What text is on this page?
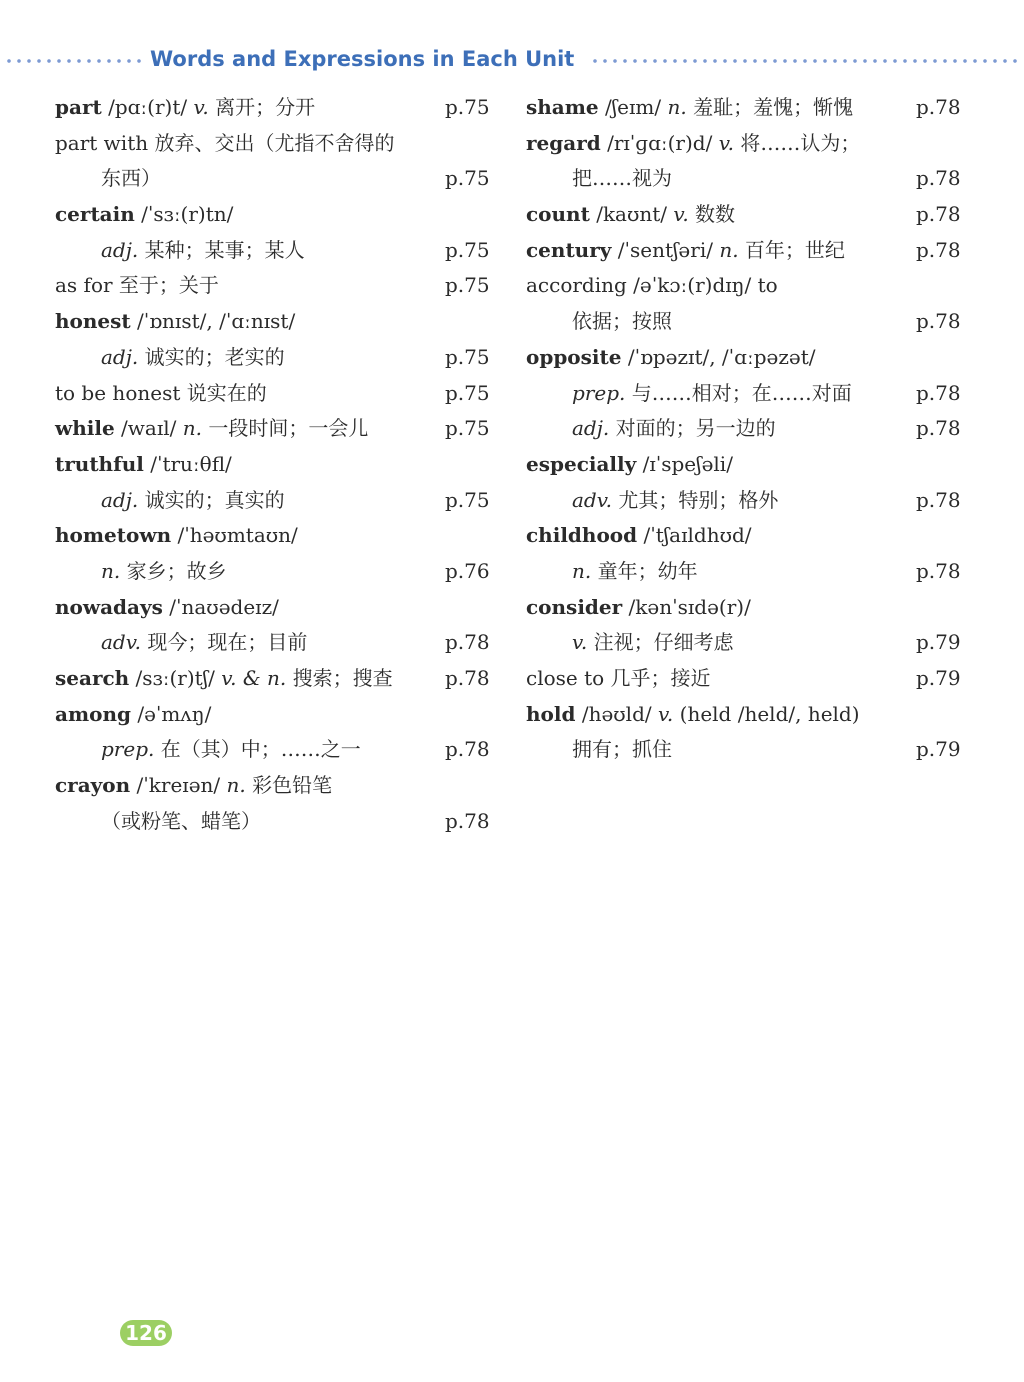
Words and Expressions in Each Unit
part /pɑː(r)t/ v. 离开；分开	p.75
part with 放弃、交出（尤指不舍得的
东西）	p.75
certain /ˈsɜː(r)tn/
adj. 某种；某事；某人	p.75
as for 至于；关于	p.75
honest /ˈɒnɪst/, /ˈɑːnɪst/
adj. 诚实的；老实的	p.75
to be honest 说实在的	p.75
while /waɪl/ n. 一段时间；一会儿	p.75
truthful /ˈtruːθfl/
adj. 诚实的；真实的	p.75
hometown /ˈhəʊmtaʊn/
n. 家乡；故乡	p.76
nowadays /ˈnaʊədeɪz/
adv. 现今；现在；目前	p.78
search /sɜː(r)tʃ/ v. & n. 搜索；搜查	p.78
among /əˈmʌŋ/
prep. 在（其）中；……之一	p.78
crayon /ˈkreɪən/ n. 彩色铅笔
（或粉笔、蜡笔）	p.78
shame /ʃeɪm/ n. 羞耻；羞愧；惭愧	p.78
regard /rɪˈɡɑː(r)d/ v. 将……认为；
把……视为	p.78
count /kaʊnt/ v. 数数	p.78
century /ˈsentʃəri/ n. 百年；世纪	p.78
according /əˈkɔː(r)dɪŋ/ to
依据；按照	p.78
opposite /ˈɒpəzɪt/, /ˈɑːpəzət/
prep. 与……相对；在……对面	p.78
adj. 对面的；另一边的	p.78
especially /ɪˈspeʃəli/
adv. 尤其；特别；格外	p.78
childhood /ˈtʃaɪldhʊd/
n. 童年；幼年	p.78
consider /kənˈsɪdə(r)/
v. 注视；仔细考虑	p.79
close to 几乎；接近	p.79
hold /həʊld/ v. (held /held/, held)
拥有；抓住	p.79
126
